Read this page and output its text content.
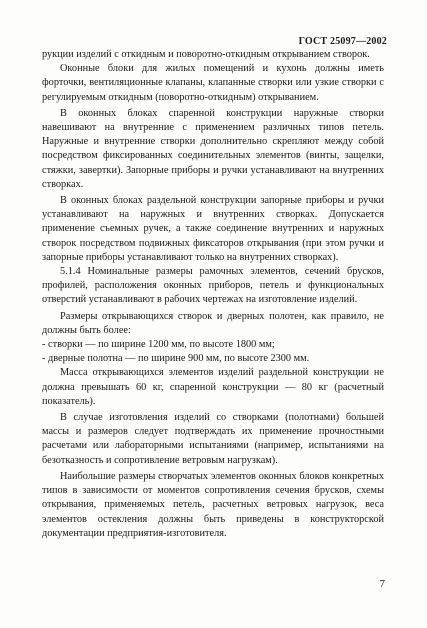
ГОСТ 25097—2002

рукции изделий с откидным и поворотно-откидным открыванием створок.

Оконные блоки для жилых помещений и кухонь должны иметь форточки, вентиляционные клапаны, клапанные створки или узкие створки с регулируемым откидным (поворотно-откидным) открыванием.

В оконных блоках спаренной конструкции наружные створки навешивают на внутренние с применением различных типов петель. Наружные и внутренние створки дополнительно скрепляют между собой посредством фиксированных соединительных элементов (винты, защелки, стяжки, завертки). Запорные приборы и ручки устанавливают на внутренних створках.

В оконных блоках раздельной конструкции запорные приборы и ручки устанавливают на наружных и внутренних створках. Допускается применение съемных ручек, а также соединение внутренних и наружных створок посредством подвижных фиксаторов открывания (при этом ручки и запорные приборы устанавливают только на внутренних створках).

5.1.4 Номинальные размеры рамочных элементов, сечений брусков, профилей, расположения оконных приборов, петель и функциональных отверстий устанавливают в рабочих чертежах на изготовление изделий.

Размеры открывающихся створок и дверных полотен, как правило, не должны быть более:

- створки — по ширине 1200 мм, по высоте 1800 мм;

- дверные полотна — по ширине 900 мм, по высоте 2300 мм.

Масса открывающихся элементов изделий раздельной конструкции не должна превышать 60 кг, спаренной конструкции — 80 кг (расчетный показатель).

В случае изготовления изделий со створками (полотнами) большей массы и размеров следует подтверждать их применение прочностными расчетами или лабораторными испытаниями (например, испытаниями на безотказность и сопротивление ветровым нагрузкам).

Наибольшие размеры створчатых элементов оконных блоков конкретных типов в зависимости от моментов сопротивления сечения брусков, схемы открывания, применяемых петель, расчетных ветровых нагрузок, веса элементов остекления должны быть приведены в конструкторской документации предприятия-изготовителя.

7
